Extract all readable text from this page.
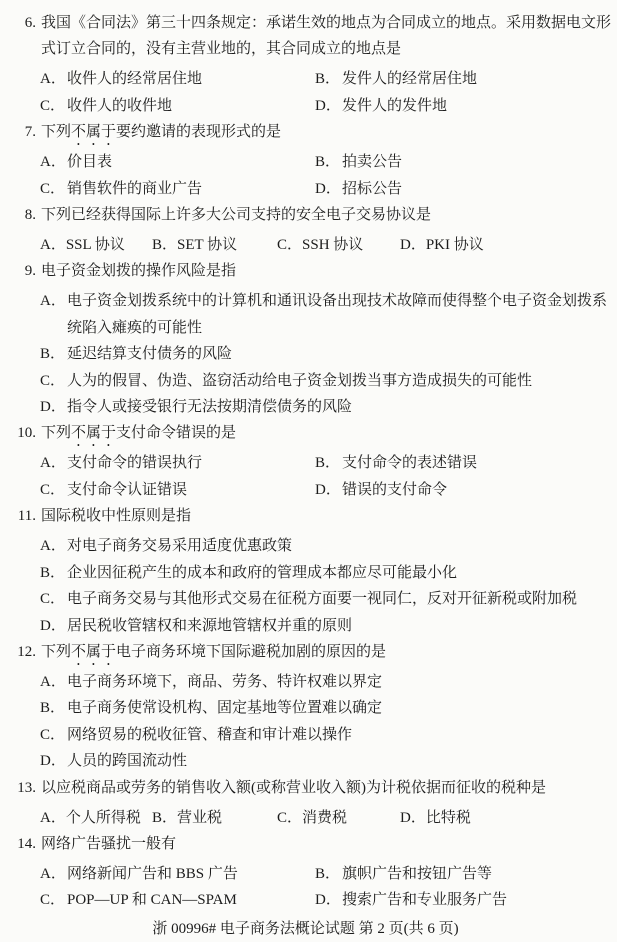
6. 我国《合同法》第三十四条规定：承诺生效的地点为合同成立的地点。采用数据电文形式订立合同的，没有主营业地的，其合同成立的地点是
A． 收件人的经常居住地	B． 发件人的经常居住地
C． 收件人的收件地	D． 发件人的发件地
7. 下列不属于要约邀请的表现形式的是
A． 价目表	B． 拍卖公告
C． 销售软件的商业广告	D． 招标公告
8. 下列已经获得国际上许多大公司支持的安全电子交易协议是
A． SSL 协议	B． SET 协议	C． SSH 协议	D． PKI 协议
9. 电子资金划拨的操作风险是指
A． 电子资金划拨系统中的计算机和通讯设备出现技术故障而使得整个电子资金划拨系统陷入瘫痪的可能性
B． 延迟结算支付债务的风险
C． 人为的假冒、伪造、盗窃活动给电子资金划拨当事方造成损失的可能性
D． 指令人或接受银行无法按期清偿债务的风险
10. 下列不属于支付命令错误的是
A． 支付命令的错误执行	B． 支付命令的表述错误
C． 支付命令认证错误	D． 错误的支付命令
11. 国际税收中性原则是指
A． 对电子商务交易采用适度优惠政策
B． 企业因征税产生的成本和政府的管理成本都应尽可能最小化
C． 电子商务交易与其他形式交易在征税方面要一视同仁，反对开征新税或附加税
D． 居民税收管辖权和来源地管辖权并重的原则
12. 下列不属于电子商务环境下国际避税加剧的原因的是
A． 电子商务环境下，商品、劳务、特许权难以界定
B． 电子商务使常设机构、固定基地等位置难以确定
C． 网络贸易的税收征管、稽查和审计难以操作
D． 人员的跨国流动性
13. 以应税商品或劳务的销售收入额(或称营业收入额)为计税依据而征收的税种是
A． 个人所得税 B． 营业税	C． 消费税	D． 比特税
14. 网络广告骚扰一般有
A． 网络新闻广告和 BBS 广告	B． 旗帜广告和按钮广告等
C． POP—UP 和 CAN—SPAM	D． 搜索广告和专业服务广告
浙 00996# 电子商务法概论试题 第 2 页(共 6 页)
